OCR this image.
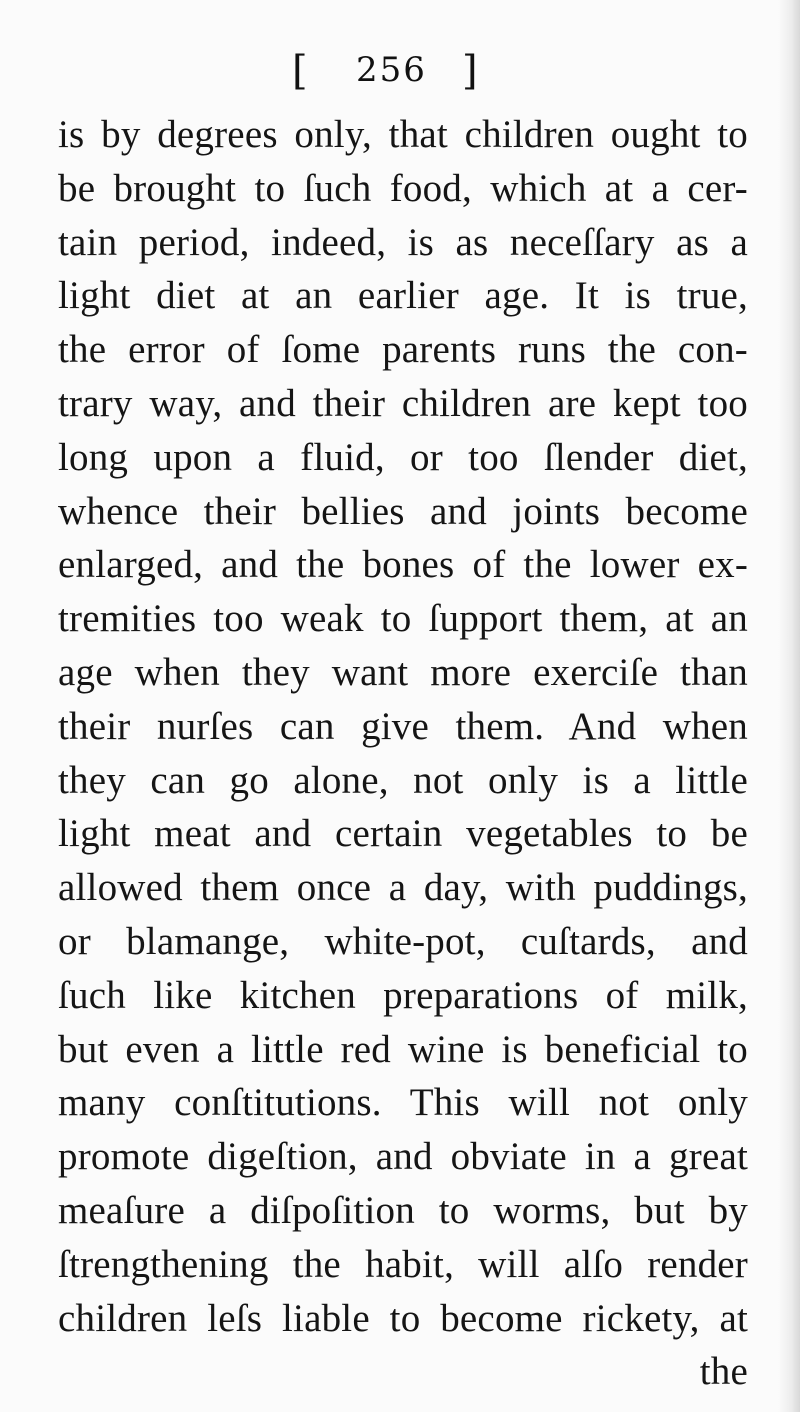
[ 256 ]
is by degrees only, that children ought to
be brought to ſuch food, which at a cer-
tain period, indeed, is as neceſſary as a
light diet at an earlier age. It is true,
the error of ſome parents runs the con-
trary way, and their children are kept too
long upon a fluid, or too ſlender diet,
whence their bellies and joints become
enlarged, and the bones of the lower ex-
tremities too weak to ſupport them, at an
age when they want more exerciſe than
their nurſes can give them. And when
they can go alone, not only is a little
light meat and certain vegetables to be
allowed them once a day, with puddings,
or blamange, white-pot, cuſtards, and
ſuch like kitchen preparations of milk,
but even a little red wine is beneficial to
many conſtitutions. This will not only
promote digeſtion, and obviate in a great
meaſure a diſpoſition to worms, but by
ſtrengthening the habit, will alſo render
children leſs liable to become rickety, at
the
